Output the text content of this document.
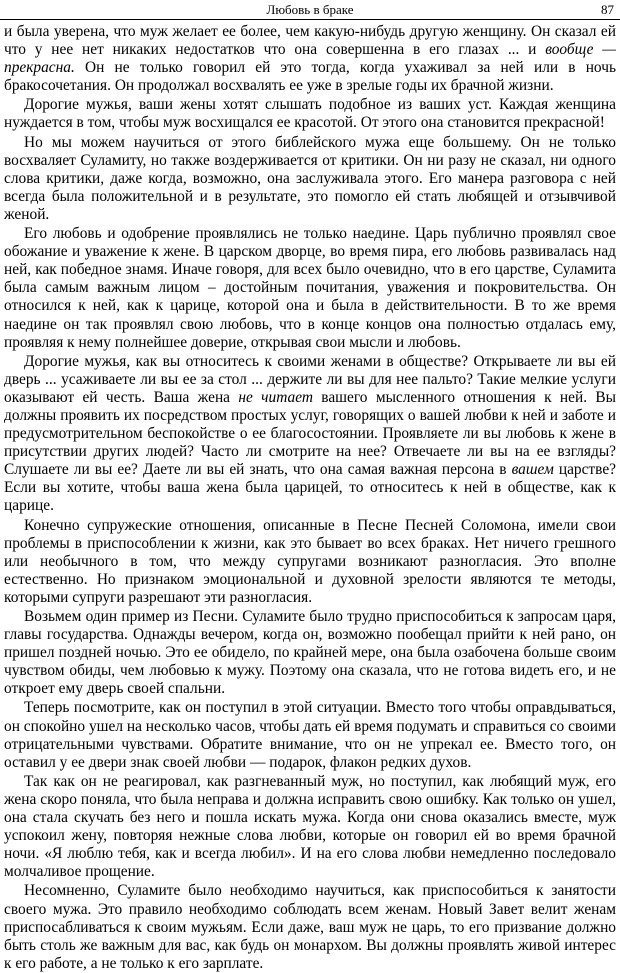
Любовь в браке	87

и была уверена, что муж желает ее более, чем какую-нибудь другую женщину. Он сказал ей что у нее нет никаких недостатков что она совершенна в его глазах ... и вообще — прекрасна. Он не только говорил ей это тогда, когда ухаживал за ней или в ночь бракосочетания. Он продолжал восхвалять ее уже в зрелые годы их брачной жизни.

Дорогие мужья, ваши жены хотят слышать подобное из ваших уст. Каждая женщина нуждается в том, чтобы муж восхищался ее красотой. От этого она становится прекрасной!

Но мы можем научиться от этого библейского мужа еще большему. Он не только восхваляет Суламиту, но также воздерживается от критики. Он ни разу не сказал, ни одного слова критики, даже когда, возможно, она заслуживала этого. Его манера разговора с ней всегда была положительной и в результате, это помогло ей стать любящей и отзывчивой женой.

Его любовь и одобрение проявлялись не только наедине. Царь публично проявлял свое обожание и уважение к жене. В царском дворце, во время пира, его любовь развивалась над ней, как победное знамя. Иначе говоря, для всех было очевидно, что в его царстве, Суламита была самым важным лицом – достойным почитания, уважения и покровительства. Он относился к ней, как к царице, которой она и была в действительности. В то же время наедине он так проявлял свою любовь, что в конце концов она полностью отдалась ему, проявляя к нему полнейшее доверие, открывая свои мысли и любовь.

Дорогие мужья, как вы относитесь к своими женами в обществе? Открываете ли вы ей дверь ... усаживаете ли вы ее за стол ... держите ли вы для нее пальто? Такие мелкие услуги оказывают ей честь. Ваша жена не читает вашего мысленного отношения к ней. Вы должны проявить их посредством простых услуг, говорящих о вашей любви к ней и заботе и предусмотрительном беспокойстве о ее благосостоянии. Проявляете ли вы любовь к жене в присутствии других людей? Часто ли смотрите на нее? Отвечаете ли вы на ее взгляды? Слушаете ли вы ее? Даете ли вы ей знать, что она самая важная персона в вашем царстве? Если вы хотите, чтобы ваша жена была царицей, то относитесь к ней в обществе, как к царице.

Конечно супружеские отношения, описанные в Песне Песней Соломона, имели свои проблемы в приспособлении к жизни, как это бывает во всех браках. Нет ничего грешного или необычного в том, что между супругами возникают разногласия. Это вполне естественно. Но признаком эмоциональной и духовной зрелости являются те методы, которыми супруги разрешают эти разногласия.

Возьмем один пример из Песни. Суламите было трудно приспособиться к запросам царя, главы государства. Однажды вечером, когда он, возможно пообещал прийти к ней рано, он пришел поздней ночью. Это ее обидело, по крайней мере, она была озабочена больше своим чувством обиды, чем любовью к мужу. Поэтому она сказала, что не готова видеть его, и не откроет ему дверь своей спальни.

Теперь посмотрите, как он поступил в этой ситуации. Вместо того чтобы оправдываться, он спокойно ушел на несколько часов, чтобы дать ей время подумать и справиться со своими отрицательными чувствами. Обратите внимание, что он не упрекал ее. Вместо того, он оставил у ее двери знак своей любви — подарок, флакон редких духов.

Так как он не реагировал, как разгневанный муж, но поступил, как любящий муж, его жена скоро поняла, что была неправа и должна исправить свою ошибку. Как только он ушел, она стала скучать без него и пошла искать мужа. Когда они снова оказались вместе, муж успокоил жену, повторяя нежные слова любви, которые он говорил ей во время брачной ночи. «Я люблю тебя, как и всегда любил». И на его слова любви немедленно последовало молчаливое прощение.

Несомненно, Суламите было необходимо научиться, как приспособиться к занятости своего мужа. Это правило необходимо соблюдать всем женам. Новый Завет велит женам приспосабливаться к своим мужьям. Если даже, ваш муж не царь, то его призвание должно быть столь же важным для вас, как будь он монархом. Вы должны проявлять живой интерес к его работе, а не только к его зарплате.
